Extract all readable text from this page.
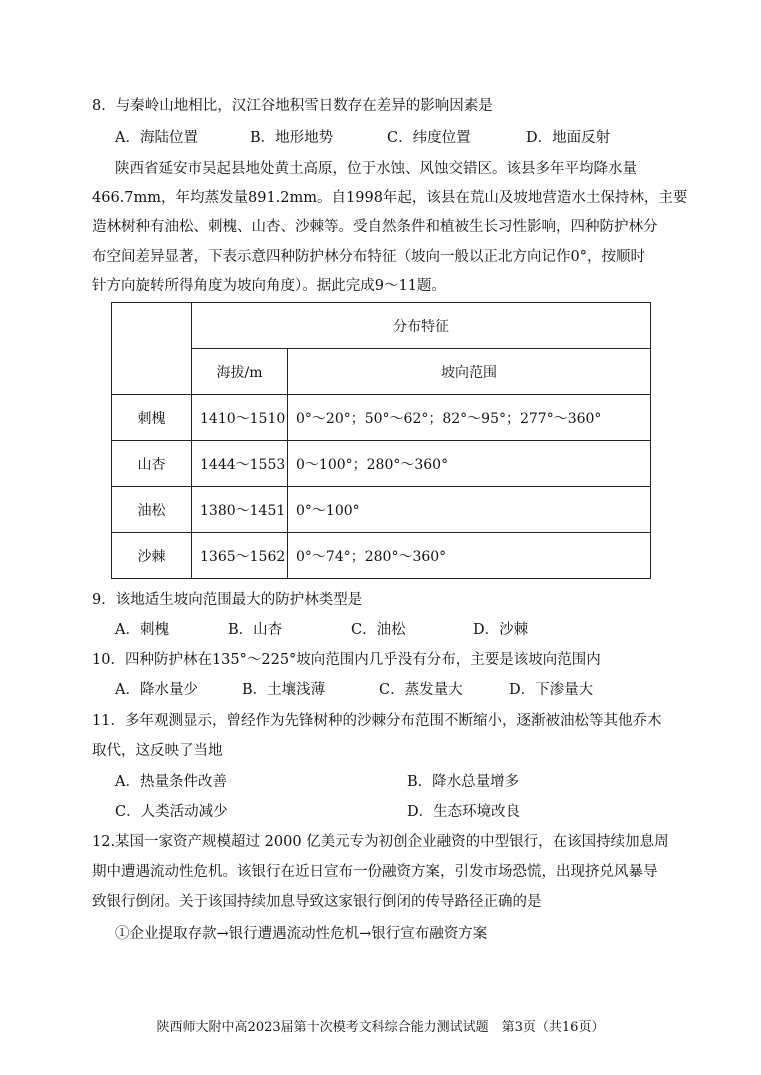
8．与秦岭山地相比，汉江谷地积雪日数存在差异的影响因素是
A．海陆位置	B．地形地势	C．纬度位置	D．地面反射
陕西省延安市吴起县地处黄土高原，位于水蚀、风蚀交错区。该县多年平均降水量
466.7mm，年均蒸发量891.2mm。自1998年起，该县在荒山及坡地营造水土保持林，主要
造林树种有油松、刺槐、山杏、沙棘等。受自然条件和植被生长习性影响，四种防护林分
布空间差异显著，下表示意四种防护林分布特征（坡向一般以正北方向记作0°，按顺时
针方向旋转所得角度为坡向角度）。据此完成9～11题。
	分布特征	
	海拔/m	坡向范围
刺槐	1410～1510	0°～20°；50°～62°；82°～95°；277°～360°
山杏	1444～1553	0～100°；280°～360°
油松	1380～1451	0°～100°
沙棘	1365～1562	0°～74°；280°～360°
9．该地适生坡向范围最大的防护林类型是
A．刺槐	B．山杏	C．油松	D．沙棘
10．四种防护林在135°～225°坡向范围内几乎没有分布，主要是该坡向范围内
A．降水量少	B．土壤浅薄	C．蒸发量大	D．下渗量大
11．多年观测显示，曾经作为先锋树种的沙棘分布范围不断缩小，逐渐被油松等其他乔木
取代，这反映了当地
A．热量条件改善	B．降水总量增多
C．人类活动减少	D．生态环境改良
12.某国一家资产规模超过 2000 亿美元专为初创企业融资的中型银行，在该国持续加息周
期中遭遇流动性危机。该银行在近日宣布一份融资方案，引发市场恐慌，出现挤兑风暴导
致银行倒闭。关于该国持续加息导致这家银行倒闭的传导路径正确的是
①企业提取存款→银行遭遇流动性危机→银行宣布融资方案
陕西师大附中高2023届第十次模考文科综合能力测试试题　第3页（共16页）
